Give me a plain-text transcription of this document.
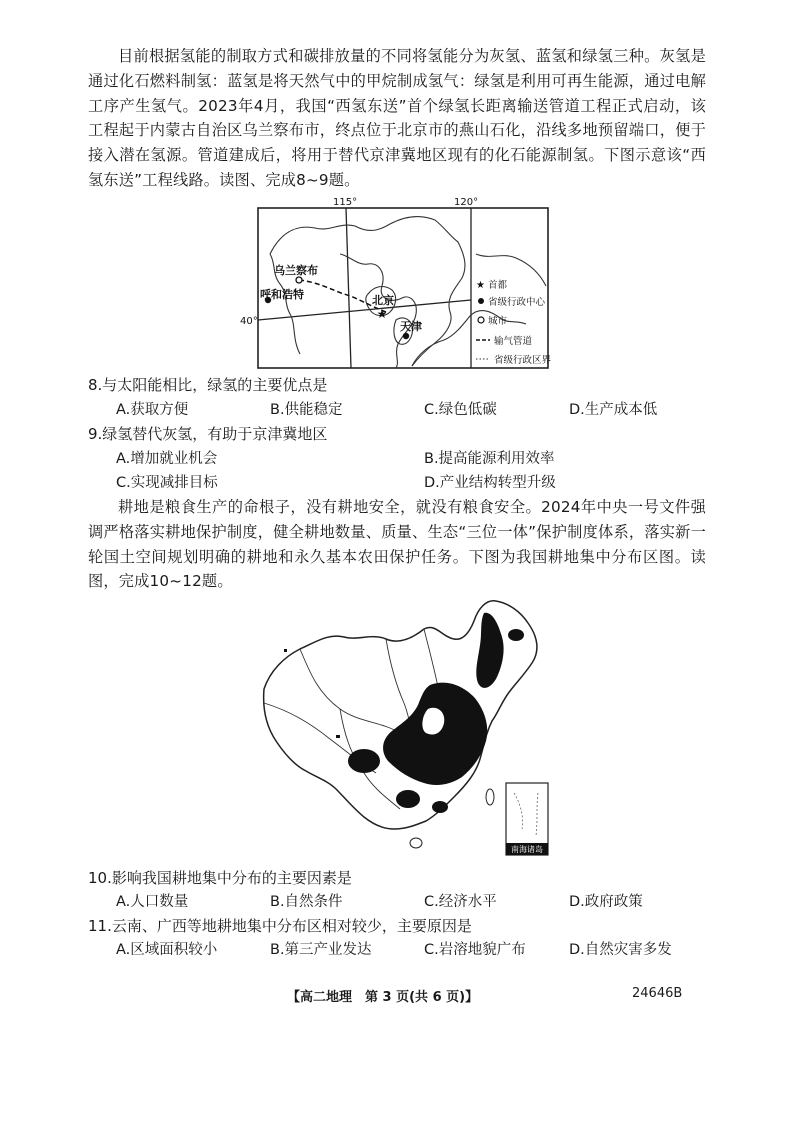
目前根据氢能的制取方式和碳排放量的不同将氢能分为灰氢、蓝氢和绿氢三种。灰氢是通过化石燃料制氢：蓝氢是将天然气中的甲烷制成氢气：绿氢是利用可再生能源，通过电解工序产生氢气。2023年4月，我国“西氢东送”首个绿氢长距离输送管道工程正式启动，该工程起于内蒙古自治区乌兰察布市，终点位于北京市的燕山石化，沿线多地预留端口，便于接入潜在氢源。管道建成后，将用于替代京津冀地区现有的化石能源制氢。下图示意该“西氢东送”工程线路。读图、完成8~9题。
★
115°	120°
40°
乌兰察布
呼和浩特	北京
天津
★ 首都
省级行政中心
城市
输气管道
省级行政区界
8.与太阳能相比，绿氢的主要优点是
A.获取方便	B.供能稳定	C.绿色低碳	D.生产成本低
9.绿氢替代灰氢，有助于京津冀地区
A.增加就业机会	B.提高能源利用效率
C.实现减排目标	D.产业结构转型升级
耕地是粮食生产的命根子，没有耕地安全，就没有粮食安全。2024年中央一号文件强调严格落实耕地保护制度，健全耕地数量、质量、生态“三位一体”保护制度体系，落实新一轮国土空间规划明确的耕地和永久基本农田保护任务。下图为我国耕地集中分布区图。读图，完成10~12题。
南海诸岛
10.影响我国耕地集中分布的主要因素是
A.人口数量	B.自然条件	C.经济水平	D.政府政策
11.云南、广西等地耕地集中分布区相对较少，主要原因是
A.区域面积较小	B.第三产业发达	C.岩溶地貌广布	D.自然灾害多发
【高二地理　第 3 页(共 6 页)】	24646B
